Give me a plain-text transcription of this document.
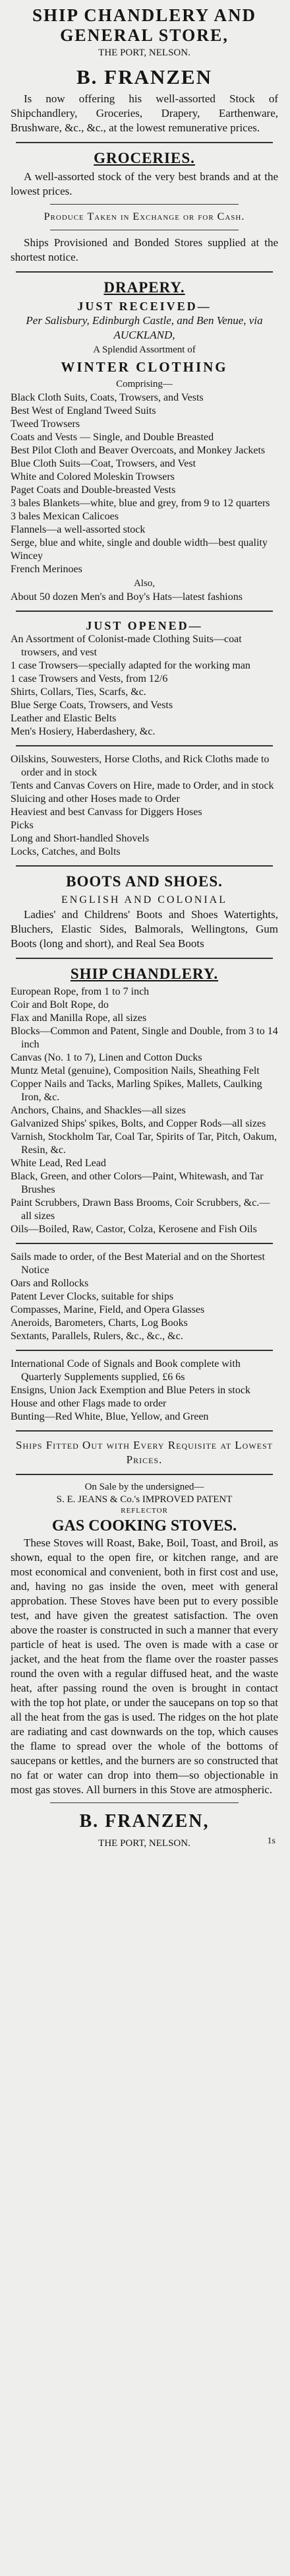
SHIP CHANDLERY AND

GENERAL STORE,

THE PORT, NELSON.

B. FRANZEN

Is now offering his well-assorted Stock of Shipchandlery, Groceries, Drapery, Earthenware, Brushware, &c., &c., at the lowest remunerative prices.

GROCERIES.

A well-assorted stock of the very best brands and at the lowest prices.

Produce Taken in Exchange or for Cash.

Ships Provisioned and Bonded Stores supplied at the shortest notice.

DRAPERY.

JUST RECEIVED—

Per Salisbury, Edinburgh Castle, and Ben Venue, via AUCKLAND,

A Splendid Assortment of

WINTER CLOTHING

Comprising—

Black Cloth Suits, Coats, Trowsers, and Vests

Best West of England Tweed Suits

Tweed Trowsers

Coats and Vests — Single, and Double Breasted

Best Pilot Cloth and Beaver Overcoats, and Monkey Jackets

Blue Cloth Suits—Coat, Trowsers, and Vest

White and Colored Moleskin Trowsers

Paget Coats and Double-breasted Vests

3 bales Blankets—white, blue and grey, from 9 to 12 quarters

3 bales Mexican Calicoes

Flannels—a well-assorted stock

Serge, blue and white, single and double width—best quality

Wincey

French Merinoes

Also,

About 50 dozen Men's and Boy's Hats—latest fashions

JUST OPENED—

An Assortment of Colonist-made Clothing Suits—coat trowsers, and vest

1 case Trowsers—specially adapted for the working man

1 case Trowsers and Vests, from 12/6

Shirts, Collars, Ties, Scarfs, &c.

Blue Serge Coats, Trowsers, and Vests

Leather and Elastic Belts

Men's Hosiery, Haberdashery, &c.

Oilskins, Souwesters, Horse Cloths, and Rick Cloths made to order and in stock

Tents and Canvas Covers on Hire, made to Order, and in stock

Sluicing and other Hoses made to Order

Heaviest and best Canvass for Diggers Hoses

Picks

Long and Short-handled Shovels

Locks, Catches, and Bolts

BOOTS AND SHOES.

ENGLISH AND COLONIAL

Ladies' and Childrens' Boots and Shoes Watertights, Bluchers, Elastic Sides, Balmorals, Wellingtons, Gum Boots (long and short), and Real Sea Boots

SHIP CHANDLERY.

European Rope, from 1 to 7 inch

Coir and Bolt Rope, do

Flax and Manilla Rope, all sizes

Blocks—Common and Patent, Single and Double, from 3 to 14 inch

Canvas (No. 1 to 7), Linen and Cotton Ducks

Muntz Metal (genuine), Composition Nails, Sheathing Felt

Copper Nails and Tacks, Marling Spikes, Mallets, Caulking Iron, &c.

Anchors, Chains, and Shackles—all sizes

Galvanized Ships' spikes, Bolts, and Copper Rods—all sizes

Varnish, Stockholm Tar, Coal Tar, Spirits of Tar, Pitch, Oakum, Resin, &c.

White Lead, Red Lead

Black, Green, and other Colors—Paint, Whitewash, and Tar Brushes

Paint Scrubbers, Drawn Bass Brooms, Coir Scrubbers, &c.—all sizes

Oils—Boiled, Raw, Castor, Colza, Kerosene and Fish Oils

Sails made to order, of the Best Material and on the Shortest Notice

Oars and Rollocks

Patent Lever Clocks, suitable for ships

Compasses, Marine, Field, and Opera Glasses

Aneroids, Barometers, Charts, Log Books

Sextants, Parallels, Rulers, &c., &c., &c.

International Code of Signals and Book complete with Quarterly Supplements supplied, £6 6s

Ensigns, Union Jack Exemption and Blue Peters in stock

House and other Flags made to order

Bunting—Red White, Blue, Yellow, and Green

Ships Fitted Out with Every Requisite at Lowest Prices.

On Sale by the undersigned—

S. E. JEANS & Co.'s IMPROVED PATENT

REFLECTOR

GAS COOKING STOVES.

These Stoves will Roast, Bake, Boil, Toast, and Broil, as shown, equal to the open fire, or kitchen range, and are most economical and convenient, both in first cost and use, and, having no gas inside the oven, meet with general approbation. These Stoves have been put to every possible test, and have given the greatest satisfaction. The oven above the roaster is constructed in such a manner that every particle of heat is used. The oven is made with a case or jacket, and the heat from the flame over the roaster passes round the oven with a regular diffused heat, and the waste heat, after passing round the oven is brought in contact with the top hot plate, or under the saucepans on top so that all the heat from the gas is used. The ridges on the hot plate are radiating and cast downwards on the top, which causes the flame to spread over the whole of the bottoms of saucepans or kettles, and the burners are so constructed that no fat or water can drop into them—so objectionable in most gas stoves. All burners in this Stove are atmospheric.

B. FRANZEN,

THE PORT, NELSON.	1s
